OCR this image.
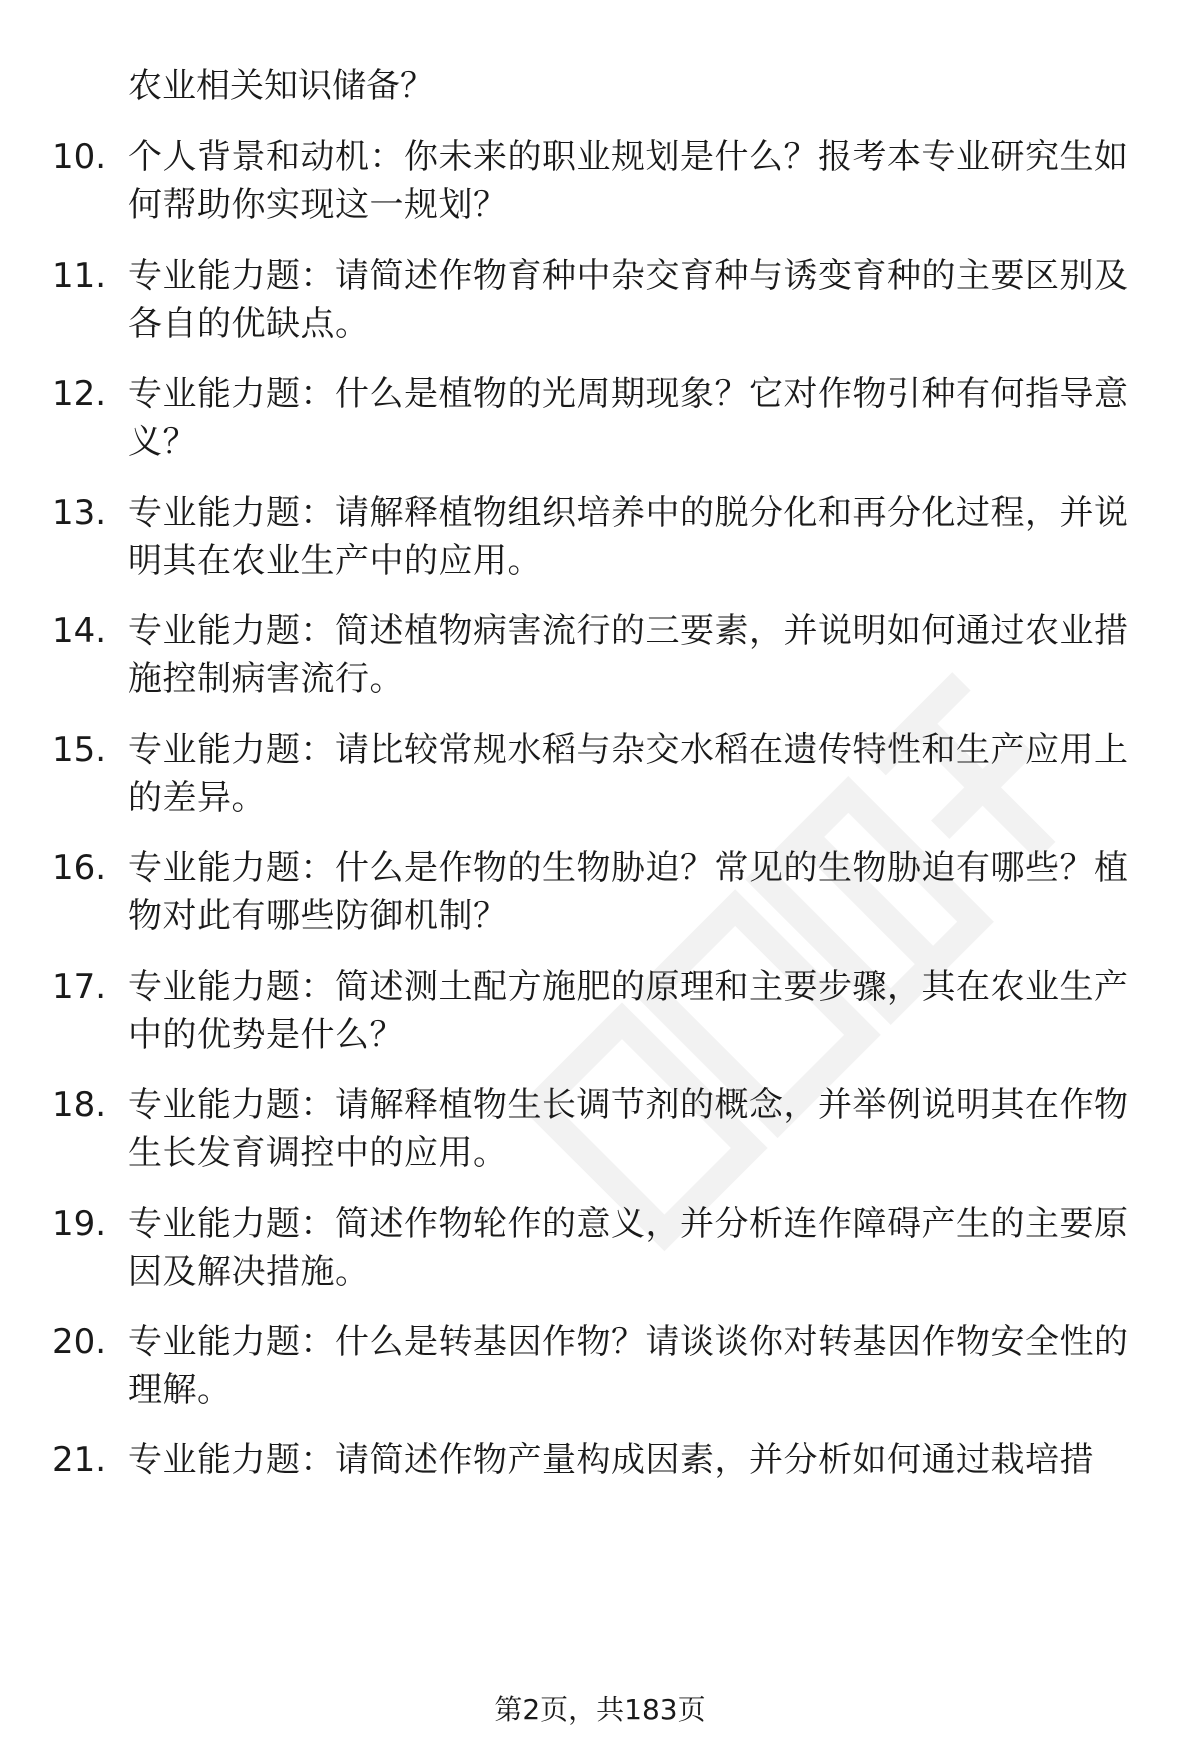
农业相关知识储备？
10. 个人背景和动机：你未来的职业规划是什么？报考本专业研究生如何帮助你实现这一规划？
11. 专业能力题：请简述作物育种中杂交育种与诱变育种的主要区别及各自的优缺点。
12. 专业能力题：什么是植物的光周期现象？它对作物引种有何指导意义？
13. 专业能力题：请解释植物组织培养中的脱分化和再分化过程，并说明其在农业生产中的应用。
14. 专业能力题：简述植物病害流行的三要素，并说明如何通过农业措施控制病害流行。
15. 专业能力题：请比较常规水稻与杂交水稻在遗传特性和生产应用上的差异。
16. 专业能力题：什么是作物的生物胁迫？常见的生物胁迫有哪些？植物对此有哪些防御机制？
17. 专业能力题：简述测土配方施肥的原理和主要步骤，其在农业生产中的优势是什么？
18. 专业能力题：请解释植物生长调节剂的概念，并举例说明其在作物生长发育调控中的应用。
19. 专业能力题：简述作物轮作的意义，并分析连作障碍产生的主要原因及解决措施。
20. 专业能力题：什么是转基因作物？请谈谈你对转基因作物安全性的理解。
21. 专业能力题：请简述作物产量构成因素，并分析如何通过栽培措
第2页，共183页
